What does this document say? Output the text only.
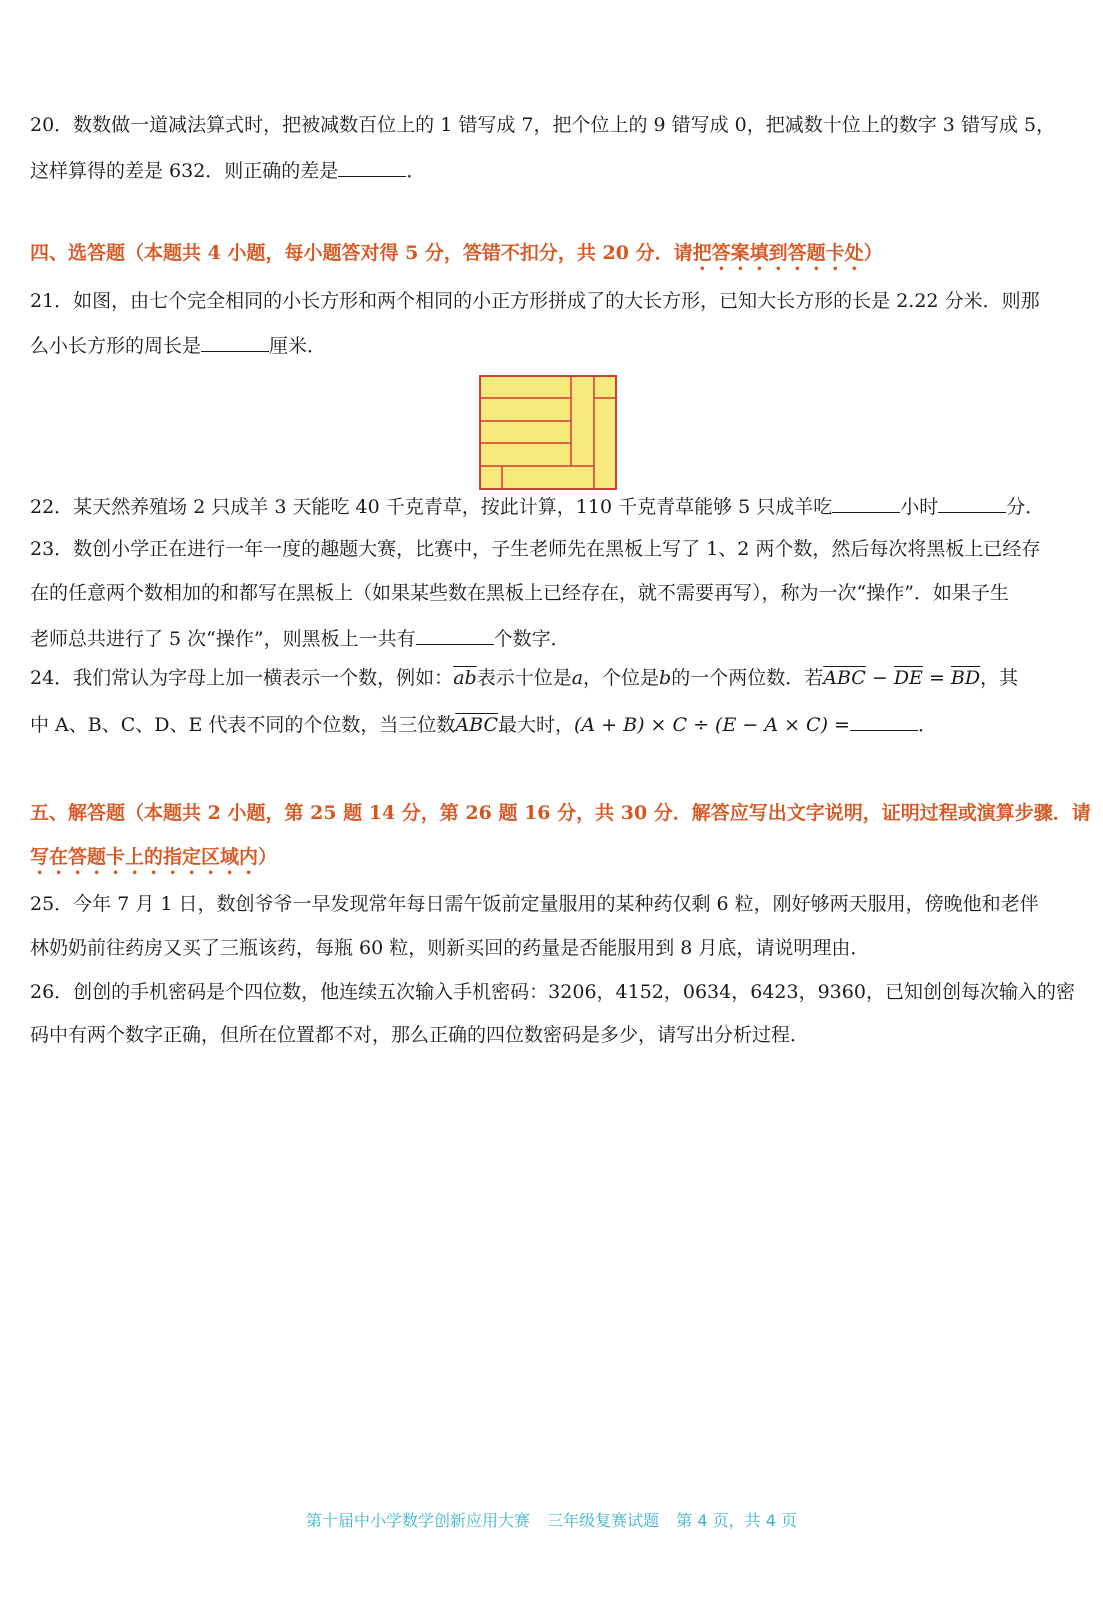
20．数数做一道减法算式时，把被减数百位上的 1 错写成 7，把个位上的 9 错写成 0，把减数十位上的数字 3 错写成 5，
这样算得的差是 632．则正确的差是	．
四、选答题（本题共 4 小题，每小题答对得 5 分，答错不扣分，共 20 分．请把答案填到答题卡处）
21．如图，由七个完全相同的小长方形和两个相同的小正方形拼成了的大长方形，已知大长方形的长是 2.22 分米．则那
么小长方形的周长是	厘米．
22．某天然养殖场 2 只成羊 3 天能吃 40 千克青草，按此计算，110 千克青草能够 5 只成羊吃	小时	分．
23．数创小学正在进行一年一度的趣题大赛，比赛中，子生老师先在黑板上写了 1、2 两个数，然后每次将黑板上已经存
在的任意两个数相加的和都写在黑板上（如果某些数在黑板上已经存在，就不需要再写），称为一次“操作”．如果子生
老师总共进行了 5 次“操作”，则黑板上一共有	个数字．
24．我们常认为字母上加一横表示一个数，例如：$\overline{ab}$表示十位是a，个位是b的一个两位数．若$\overline{ABC} - \overline{DE} = \overline{BD}$，其
中 A、B、C、D、E 代表不同的个位数，当三位数$\overline{ABC}$最大时，(A + B) × C ÷ (E − A × C) =	．
五、解答题（本题共 2 小题，第 25 题 14 分，第 26 题 16 分，共 30 分．解答应写出文字说明，证明过程或演算步骤．请
写在答题卡上的指定区域内）
25．今年 7 月 1 日，数创爷爷一早发现常年每日需午饭前定量服用的某种药仅剩 6 粒，刚好够两天服用，傍晚他和老伴
林奶奶前往药房又买了三瓶该药，每瓶 60 粒，则新买回的药量是否能服用到 8 月底，请说明理由．
26．创创的手机密码是个四位数，他连续五次输入手机密码：3206，4152，0634，6423，9360，已知创创每次输入的密
码中有两个数字正确，但所在位置都不对，那么正确的四位数密码是多少，请写出分析过程．
第十届中小学数学创新应用大赛 三年级复赛试题 第 4 页，共 4 页
